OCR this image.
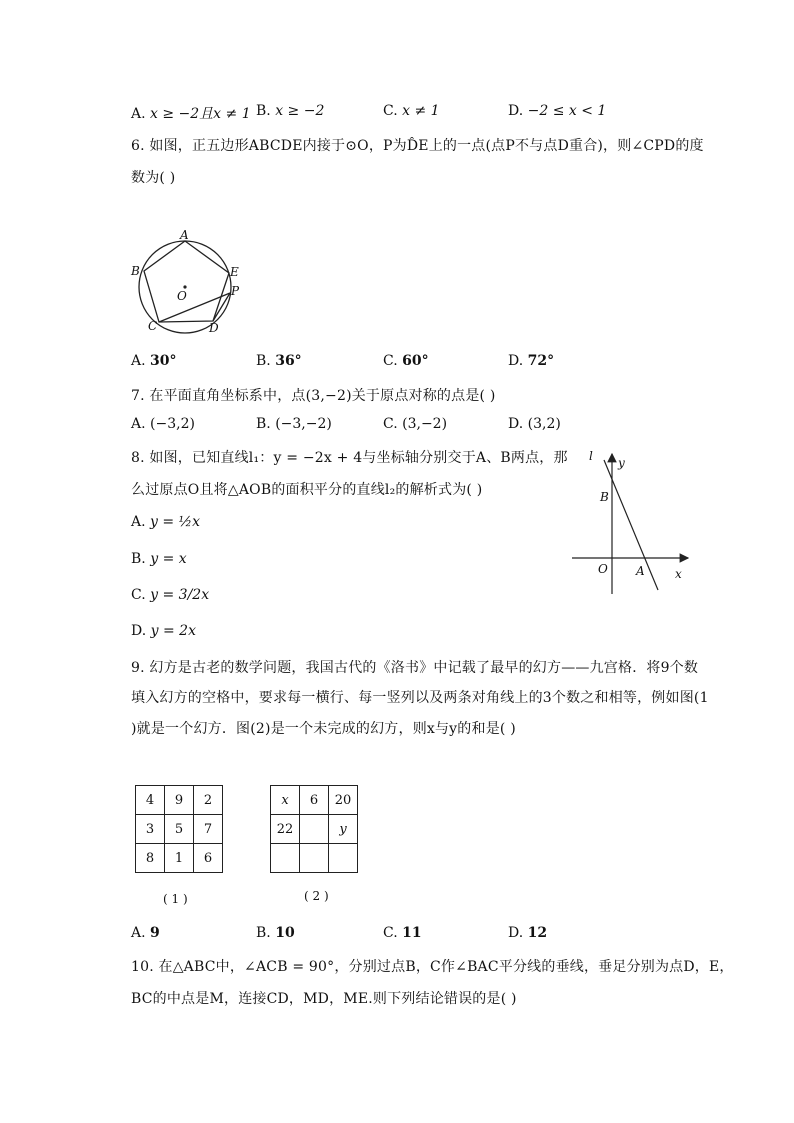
A. x ≥ −2且x ≠ 1 B. x ≥ −2	C. x ≠ 1	D. −2 ≤ x < 1
6. 如图，正五边形ABCDE内接于⊙O，P为D̂E上的一点(点P不与点D重合)，则∠CPD的度
数为( )
A
B
C	D
E
P
O
A. 30°	B. 36°	C. 60°	D. 72°
7. 在平面直角坐标系中，点(3,−2)关于原点对称的点是( )
A. (−3,2)	B. (−3,−2)	C. (3,−2)	D. (3,2)
8. 如图，已知直线l₁：y = −2x + 4与坐标轴分别交于A、B两点，那
么过原点O且将△AOB的面积平分的直线l₂的解析式为( )
A. y = ½x
B. y = x
C. y = 3/2x
D. y = 2x
l y
B
O A	x
9. 幻方是古老的数学问题，我国古代的《洛书》中记载了最早的幻方——九宫格．将9个数
填入幻方的空格中，要求每一横行、每一竖列以及两条对角线上的3个数之和相等，例如图(1
)就是一个幻方．图(2)是一个未完成的幻方，则x与y的和是( )
4	9	2
3	5	7
8	1	6
( 1 )
x	6	20
22		y

( 2 )
A. 9	B. 10	C. 11	D. 12
10. 在△ABC中，∠ACB = 90°，分别过点B，C作∠BAC平分线的垂线，垂足分别为点D，E，
BC的中点是M，连接CD，MD，ME.则下列结论错误的是( )
